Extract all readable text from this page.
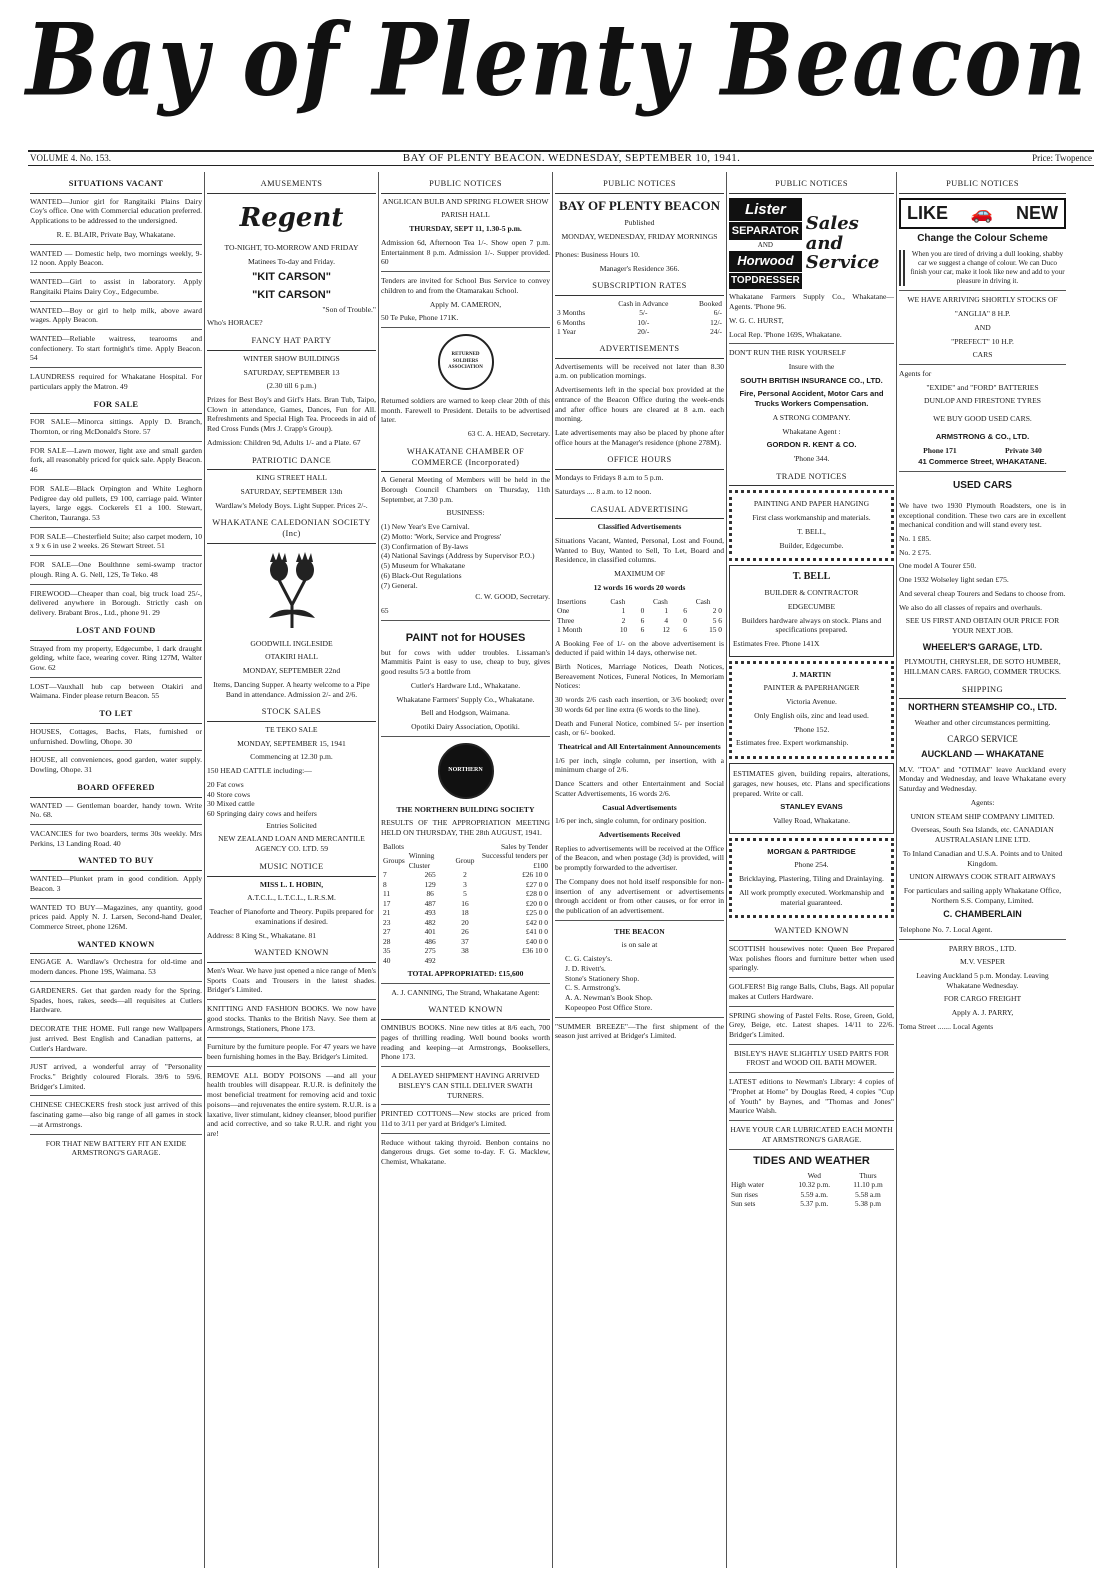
Bay of Plenty Beacon
VOLUME 4. No. 153.	BAY OF PLENTY BEACON. WEDNESDAY, SEPTEMBER 10, 1941.	Price: Twopence
SITUATIONS VACANT

WANTED—Junior girl for Rangitaiki Plains Dairy Coy's office. One with Commercial education preferred. Applications to be addressed to the undersigned.

R. E. BLAIR, Private Bay, Whakatane.

WANTED — Domestic help, two mornings weekly, 9-12 noon. Apply Beacon.

WANTED—Girl to assist in laboratory. Apply Rangitaiki Plains Dairy Coy., Edgecumbe.

WANTED—Boy or girl to help milk, above award wages. Apply Beacon.

WANTED—Reliable waitress, tearooms and confectionery. To start fortnight's time. Apply Beacon. 54

LAUNDRESS required for Whakatane Hospital. For particulars apply the Matron. 49

FOR SALE

FOR SALE—Minorca sittings. Apply D. Branch, Thornton, or ring McDonald's Store. 57

FOR SALE—Lawn mower, light axe and small garden fork, all reasonably priced for quick sale. Apply Beacon. 46

FOR SALE—Black Orpington and White Leghorn Pedigree day old pullets, £9 100, carriage paid. Winter layers, large eggs. Cockerels £1 a 100. Stewart, Cheriton, Tauranga. 53

FOR SALE—Chesterfield Suite; also carpet modern, 10 x 9 x 6 in use 2 weeks. 26 Stewart Street. 51

FOR SALE—One Boulthnne semi-swamp tractor plough. Ring A. G. Nell, 12S, Te Teko. 48

FIREWOOD—Cheaper than coal, big truck load 25/-, delivered anywhere in Borough. Strictly cash on delivery. Brabant Bros., Ltd., phone 91. 29

LOST AND FOUND

Strayed from my property, Edgecumbe, 1 dark draught gelding, white face, wearing cover. Ring 127M, Walter Gow. 62

LOST—Vauxhall hub cap between Otakiri and Waimana. Finder please return Beacon. 55

TO LET

HOUSES, Cottages, Bachs, Flats, furnished or unfurnished. Dowling, Ohope. 30

HOUSE, all conveniences, good garden, water supply. Dowling, Ohope. 31

BOARD OFFERED

WANTED — Gentleman boarder, handy town. Write No. 68.

VACANCIES for two boarders, terms 30s weekly. Mrs Perkins, 13 Landing Road. 40

WANTED TO BUY

WANTED—Plunket pram in good condition. Apply Beacon. 3

WANTED TO BUY—Magazines, any quantity, good prices paid. Apply N. J. Larsen, Second-hand Dealer, Commerce Street, phone 126M.

WANTED KNOWN

ENGAGE A. Wardlaw's Orchestra for old-time and modern dances. Phone 19S, Waimana. 53

GARDENERS. Get that garden ready for the Spring. Spades, hoes, rakes, seeds—all requisites at Cutlers Hardware.

DECORATE THE HOME. Full range new Wallpapers just arrived. Best English and Canadian patterns, at Cutler's Hardware.

JUST arrived, a wonderful array of "Personality Frocks." Brightly coloured Florals. 39/6 to 59/6. Bridger's Limited.

CHINESE CHECKERS fresh stock just arrived of this fascinating game—also big range of all games in stock—at Armstrongs.

FOR THAT NEW BATTERY FIT AN EXIDE ARMSTRONG'S GARAGE.

AMUSEMENTS
Regent

TO-NIGHT, TO-MORROW AND FRIDAY

Matinees To-day and Friday.

"KIT CARSON"
"KIT CARSON"

"Son of Trouble."

Who's HORACE?

FANCY HAT PARTY

WINTER SHOW BUILDINGS

SATURDAY, SEPTEMBER 13

(2.30 till 6 p.m.)

Prizes for Best Boy's and Girl's Hats. Bran Tub, Taipo, Clown in attendance, Games, Dances, Fun for All. Refreshments and Special High Tea. Proceeds in aid of Red Cross Funds (Mrs J. Crapp's Group).

Admission: Children 9d, Adults 1/- and a Plate. 67

PATRIOTIC DANCE

KING STREET HALL

SATURDAY, SEPTEMBER 13th

Wardlaw's Melody Boys. Light Supper. Prices 2/-.

WHAKATANE CALEDONIAN SOCIETY (Inc)

GOODWILL INGLESIDE

OTAKIRI HALL

MONDAY, SEPTEMBER 22nd

Items, Dancing Supper. A hearty welcome to a Pipe Band in attendance. Admission 2/- and 2/6.

STOCK SALES

TE TEKO SALE

MONDAY, SEPTEMBER 15, 1941

Commencing at 12.30 p.m.

150 HEAD CATTLE including:—

20 Fat cows
40 Store cows
30 Mixed cattle
60 Springing dairy cows and heifers

Entries Solicited

NEW ZEALAND LOAN AND MERCANTILE AGENCY CO. LTD. 59

MUSIC NOTICE

MISS L. I. HOBIN,

A.T.C.L., L.T.C.L., L.R.S.M.

Teacher of Pianoforte and Theory. Pupils prepared for examinations if desired.

Address: 8 King St., Whakatane. 81

WANTED KNOWN

Men's Wear. We have just opened a nice range of Men's Sports Coats and Trousers in the latest shades. Bridger's Limited.

KNITTING AND FASHION BOOKS. We now have good stocks. Thanks to the British Navy. See them at Armstrongs, Stationers, Phone 173.

Furniture by the furniture people. For 47 years we have been furnishing homes in the Bay. Bridger's Limited.

REMOVE ALL BODY POISONS —and all your health troubles will disappear. R.U.R. is definitely the most beneficial treatment for removing acid and toxic poisons—and rejuvenates the entire system. R.U.R. is a laxative, liver stimulant, kidney cleanser, blood purifier and acid corrective, and so take R.U.R. and right you are!

PUBLIC NOTICES

ANGLICAN BULB AND SPRING FLOWER SHOW

PARISH HALL

THURSDAY, SEPT 11, 1.30-5 p.m.

Admission 6d, Afternoon Tea 1/-. Show open 7 p.m. Entertainment 8 p.m. Admission 1/-. Supper provided. 60

Tenders are invited for School Bus Service to convey children to and from the Otamarakau School.

Apply M. CAMERON,

50 Te Puke, Phone 171K.

RETURNED SOLDIERS ASSOCIATION

Returned soldiers are warned to keep clear 20th of this month. Farewell to President. Details to be advertised later.

63 C. A. HEAD, Secretary.

WHAKATANE CHAMBER OF COMMERCE (Incorporated)

A General Meeting of Members will be held in the Borough Council Chambers on Thursday, 11th September, at 7.30 p.m.

BUSINESS:

(1) New Year's Eve Carnival.
(2) Motto: 'Work, Service and Progress'
(3) Confirmation of By-laws
(4) National Savings (Address by Supervisor P.O.)
(5) Museum for Whakatane
(6) Black-Out Regulations
(7) General.

C. W. GOOD, Secretary.

65

PAINT not for HOUSES

but for cows with udder troubles. Lissaman's Mammitis Paint is easy to use, cheap to buy, gives good results 5/3 a bottle from

Cutler's Hardware Ltd., Whakatane.

Whakatane Farmers' Supply Co., Whakatane.

Bell and Hodgson, Waimana.

Opotiki Dairy Association, Opotiki.

NORTHERN

THE NORTHERN BUILDING SOCIETY

RESULTS OF THE APPROPRIATION MEETING HELD ON THURSDAY, THE 28th AUGUST, 1941.

Ballots			Sales by Tender
Groups	Winning Cluster	Group	Successful tenders per £100
7	265	2	£26 10 0
8	129	3	£27 0 0
11	86	5	£28 0 0
17	487	16	£20 0 0
21	493	18	£25 0 0
23	482	20	£42 0 0
27	401	26	£41 0 0
28	486	37	£40 0 0
35	275	38	£36 10 0
40	492		

TOTAL APPROPRIATED: £15,600

A. J. CANNING, The Strand, Whakatane Agent:

WANTED KNOWN

OMNIBUS BOOKS. Nine new titles at 8/6 each, 700 pages of thrilling reading. Well bound books worth reading and keeping—at Armstrongs, Booksellers, Phone 173.

A DELAYED SHIPMENT HAVING ARRIVED BISLEY'S CAN STILL DELIVER SWATH TURNERS.

PRINTED COTTONS—New stocks are priced from 11d to 3/11 per yard at Bridger's Limited.

Reduce without taking thyroid. Benbon contains no dangerous drugs. Get some to-day. F. G. Macklew, Chemist, Whakatane.

PUBLIC NOTICES
BAY OF PLENTY BEACON

Published

MONDAY, WEDNESDAY, FRIDAY MORNINGS

Phones: Business Hours 10.

Manager's Residence 366.

SUBSCRIPTION RATES
	Cash in Advance	Booked
3 Months	5/-	6/-
6 Months	10/-	12/-
1 Year	20/-	24/-
ADVERTISEMENTS

Advertisements will be received not later than 8.30 a.m. on publication mornings.

Advertisements left in the special box provided at the entrance of the Beacon Office during the week-ends and after office hours are cleared at 8 a.m. each morning.

Late advertisements may also be placed by phone after office hours at the Manager's residence (phone 278M).

OFFICE HOURS

Mondays to Fridays 8 a.m to 5 p.m.

Saturdays .... 8 a.m. to 12 noon.

CASUAL ADVERTISING

Classified Advertisements

Situations Vacant, Wanted, Personal, Lost and Found, Wanted to Buy, Wanted to Sell, To Let, Board and Residence, in classified columns.

MAXIMUM OF

12 words 16 words 20 words

Insertions	Cash		Cash		Cash
One	1	0	1	6	2 0
Three	2	6	4	0	5 6
1 Month	10	6	12	6	15 0

A Booking Fee of 1/- on the above advertisement is deducted if paid within 14 days, otherwise net.

Birth Notices, Marriage Notices, Death Notices, Bereavement Notices, Funeral Notices, In Memoriam Notices:

30 words 2/6 cash each insertion, or 3/6 booked; over 30 words 6d per line extra (6 words to the line).

Death and Funeral Notice, combined 5/- per insertion cash, or 6/- booked.

Theatrical and All Entertainment Announcements

1/6 per inch, single column, per insertion, with a minimum charge of 2/6.

Dance Scatters and other Entertainment and Social Scatter Advertisements, 16 words 2/6.

Casual Advertisements

1/6 per inch, single column, for ordinary position.

Advertisements Received

Replies to advertisements will be received at the Office of the Beacon, and when postage (3d) is provided, will be promptly forwarded to the advertiser.

The Company does not hold itself responsible for non-insertion of any advertisement or advertisements through accident or from other causes, or for error in the publication of an advertisement.

THE BEACON

is on sale at

C. G. Caistey's.
J. D. Rivett's.
Stone's Stationery Shop.
C. S. Armstrong's.
A. A. Newman's Book Shop.
Kopeopeo Post Office Store.

"SUMMER BREEZE"—The first shipment of the season just arrived at Bridger's Limited.

PUBLIC NOTICES
Lister
SEPARATOR
AND
Horwood
TOPDRESSER
Sales and Service

Whakatane Farmers Supply Co., Whakatane—Agents. 'Phone 96.

W. G. C. HURST,

Local Rep. 'Phone 169S, Whakatane.

DON'T RUN THE RISK YOURSELF

Insure with the

SOUTH BRITISH INSURANCE CO., LTD.

Fire, Personal Accident, Motor Cars and Trucks Workers Compensation.

A STRONG COMPANY.

Whakatane Agent :

GORDON R. KENT & CO.

'Phone 344.

TRADE NOTICES

PAINTING AND PAPER HANGING

First class workmanship and materials.

T. BELL,

Builder, Edgecumbe.

T. BELL

BUILDER & CONTRACTOR

EDGECUMBE

Builders hardware always on stock. Plans and specifications prepared.

Estimates Free. Phone 141X

J. MARTIN

PAINTER & PAPERHANGER

Victoria Avenue.

Only English oils, zinc and lead used.

'Phone 152.

Estimates free. Expert workmanship.

ESTIMATES given, building repairs, alterations, garages, new houses, etc. Plans and specifications prepared. Write or call.

STANLEY EVANS

Valley Road, Whakatane.

MORGAN & PARTRIDGE

Phone 254.

Bricklaying, Plastering, Tiling and Drainlaying.

All work promptly executed. Workmanship and material guaranteed.

WANTED KNOWN

SCOTTISH housewives note: Queen Bee Prepared Wax polishes floors and furniture better when used sparingly.

GOLFERS! Big range Balls, Clubs, Bags. All popular makes at Cutlers Hardware.

SPRING showing of Pastel Felts. Rose, Green, Gold, Grey, Beige, etc. Latest shapes. 14/11 to 22/6. Bridger's Limited.

BISLEY'S HAVE SLIGHTLY USED PARTS FOR FROST and WOOD OIL BATH MOWER.

LATEST editions to Newman's Library: 4 copies of "Prophet at Home" by Douglas Reed, 4 copies "Cup of Youth" by Baynes, and "Thomas and Jones" Maurice Walsh.

HAVE YOUR CAR LUBRICATED EACH MONTH AT ARMSTRONG'S GARAGE.

TIDES AND WEATHER
	Wed	Thurs
High water	10.32 p.m.	11.10 p.m
Sun rises	5.59 a.m.	5.58 a.m
Sun sets	5.37 p.m.	5.38 p.m
PUBLIC NOTICES
LIKE 🚗 NEW

Change the Colour Scheme

When you are tired of driving a dull looking, shabby car we suggest a change of colour. We can Duco finish your car, make it look like new and add to your pleasure in driving it.

WE HAVE ARRIVING SHORTLY STOCKS OF

"ANGLIA" 8 H.P.

AND

"PREFECT" 10 H.P.

CARS

Agents for

"EXIDE" and "FORD" BATTERIES

DUNLOP AND FIRESTONE TYRES

WE BUY GOOD USED CARS.

ARMSTRONG & CO., LTD.

Phone 171	Private 340

41 Commerce Street, WHAKATANE.

USED CARS

We have two 1930 Plymouth Roadsters, one is in exceptional condition. These two cars are in excellent mechanical condition and will stand every test.

No. 1 £85.

No. 2 £75.

One model A Tourer £50.

One 1932 Wolseley light sedan £75.

And several cheap Tourers and Sedans to choose from.

We also do all classes of repairs and overhauls.

SEE US FIRST AND OBTAIN OUR PRICE FOR YOUR NEXT JOB.

WHEELER'S GARAGE, LTD.

PLYMOUTH, CHRYSLER, DE SOTO HUMBER, HILLMAN CARS. FARGO, COMMER TRUCKS.

SHIPPING

NORTHERN STEAMSHIP CO., LTD.

Weather and other circumstances permitting.

CARGO SERVICE

AUCKLAND — WHAKATANE

M.V. "TOA" and "OTIMAI" leave Auckland every Monday and Wednesday, and leave Whakatane every Saturday and Wednesday.

Agents:

UNION STEAM SHIP COMPANY LIMITED.

Overseas, South Sea Islands, etc. CANADIAN AUSTRALASIAN LINE LTD.

To Inland Canadian and U.S.A. Points and to United Kingdom.

UNION AIRWAYS COOK STRAIT AIRWAYS

For particulars and sailing apply Whakatane Office, Northern S.S. Company, Limited.

C. CHAMBERLAIN

Telephone No. 7. Local Agent.

PARRY BROS., LTD.

M.V. VESPER

Leaving Auckland 5 p.m. Monday. Leaving Whakatane Wednesday.

FOR CARGO FREIGHT

Apply A. J. PARRY,

Toma Street ....... Local Agents
